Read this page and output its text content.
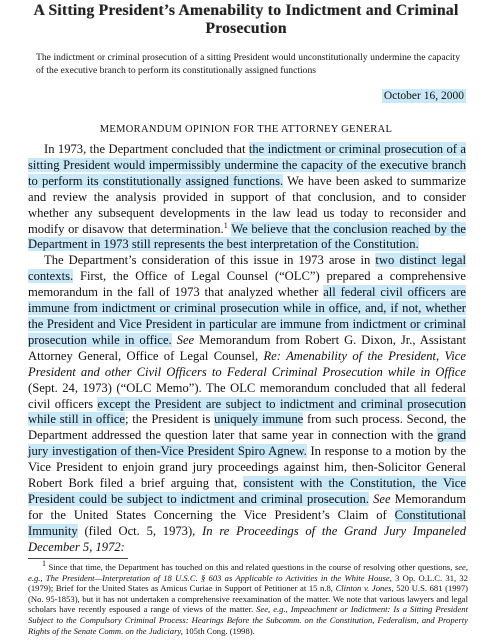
A Sitting President’s Amenability to Indictment and Criminal Prosecution
The indictment or criminal prosecution of a sitting President would unconstitutionally undermine the capacity of the executive branch to perform its constitutionally assigned functions
October 16, 2000
MEMORANDUM OPINION FOR THE ATTORNEY GENERAL

In 1973, the Department concluded that the indictment or criminal prosecution of a sitting President would impermissibly undermine the capacity of the executive branch to perform its constitutionally assigned functions. We have been asked to summarize and review the analysis provided in support of that conclusion, and to consider whether any subsequent developments in the law lead us today to reconsider and modify or disavow that determination.$^1$ We believe that the conclusion reached by the Department in 1973 still represents the best interpretation of the Constitution.

The Department’s consideration of this issue in 1973 arose in two distinct legal contexts. First, the Office of Legal Counsel (“OLC”) prepared a comprehensive memorandum in the fall of 1973 that analyzed whether all federal civil officers are immune from indictment or criminal prosecution while in office, and, if not, whether the President and Vice President in particular are immune from indictment or criminal prosecution while in office. See Memorandum from Robert G. Dixon, Jr., Assistant Attorney General, Office of Legal Counsel, Re: Amenability of the President, Vice President and other Civil Officers to Federal Criminal Prosecution while in Office (Sept. 24, 1973) (“OLC Memo”). The OLC memorandum concluded that all federal civil officers except the President are subject to indictment and criminal prosecution while still in office; the President is uniquely immune from such process. Second, the Department addressed the question later that same year in connection with the grand jury investigation of then-Vice President Spiro Agnew. In response to a motion by the Vice President to enjoin grand jury proceedings against him, then-Solicitor General Robert Bork filed a brief arguing that, consistent with the Constitution, the Vice President could be subject to indictment and criminal prosecution. See Memorandum for the United States Concerning the Vice President’s Claim of Constitutional Immunity (filed Oct. 5, 1973), In re Proceedings of the Grand Jury Impaneled December 5, 1972:

$^1$ Since that time, the Department has touched on this and related questions in the course of resolving other questions, see, e.g., The President—Interpretation of 18 U.S.C. § 603 as Applicable to Activities in the White House, 3 Op. O.L.C. 31, 32 (1979); Brief for the United States as Amicus Curiae in Support of Petitioner at 15 n.8, Clinton v. Jones, 520 U.S. 681 (1997) (No. 95-1853), but it has not undertaken a comprehensive reexamination of the matter. We note that various lawyers and legal scholars have recently espoused a range of views of the matter. See, e.g., Impeachment or Indictment: Is a Sitting President Subject to the Compulsory Criminal Process: Hearings Before the Subcomm. on the Constitution, Federalism, and Property Rights of the Senate Comm. on the Judiciary, 105th Cong. (1998).
